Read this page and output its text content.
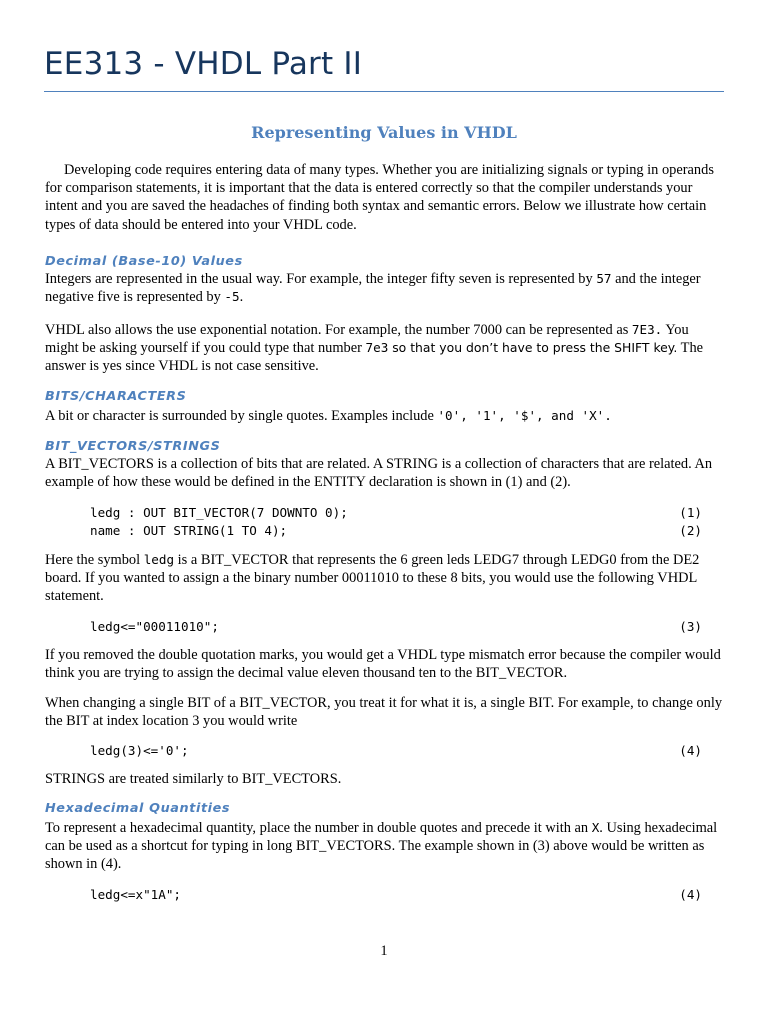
EE313 - VHDL Part II
Representing Values in VHDL

Developing code requires entering data of many types. Whether you are initializing signals or typing in operands for comparison statements, it is important that the data is entered correctly so that the compiler understands your intent and you are saved the headaches of finding both syntax and semantic errors. Below we illustrate how certain types of data should be entered into your VHDL code.

Decimal (Base-10) Values

Integers are represented in the usual way. For example, the integer fifty seven is represented by 57 and the integer negative five is represented by -5.

VHDL also allows the use exponential notation. For example, the number 7000 can be represented as 7E3. You might be asking yourself if you could type that number 7e3 so that you don’t have to press the SHIFT key. The answer is yes since VHDL is not case sensitive.

BITS/CHARACTERS

A bit or character is surrounded by single quotes. Examples include '0', '1', '$', and 'X'.

BIT_VECTORS/STRINGS

A BIT_VECTORS is a collection of bits that are related. A STRING is a collection of characters that are related. An example of how these would be defined in the ENTITY declaration is shown in (1) and (2).

ledg : OUT BIT_VECTOR(7 DOWNTO 0);	(1)
name : OUT STRING(1 TO 4);	(2)

Here the symbol ledg is a BIT_VECTOR that represents the 6 green leds LEDG7 through LEDG0 from the DE2 board. If you wanted to assign a the binary number 00011010 to these 8 bits, you would use the following VHDL statement.

ledg<="00011010";	(3)

If you removed the double quotation marks, you would get a VHDL type mismatch error because the compiler would think you are trying to assign the decimal value eleven thousand ten to the BIT_VECTOR.

When changing a single BIT of a BIT_VECTOR, you treat it for what it is, a single BIT. For example, to change only the BIT at index location 3 you would write

ledg(3)<='0';	(4)

STRINGS are treated similarly to BIT_VECTORS.

Hexadecimal Quantities

To represent a hexadecimal quantity, place the number in double quotes and precede it with an X. Using hexadecimal can be used as a shortcut for typing in long BIT_VECTORS. The example shown in (3) above would be written as shown in (4).

ledg<=x"1A";	(4)
1
